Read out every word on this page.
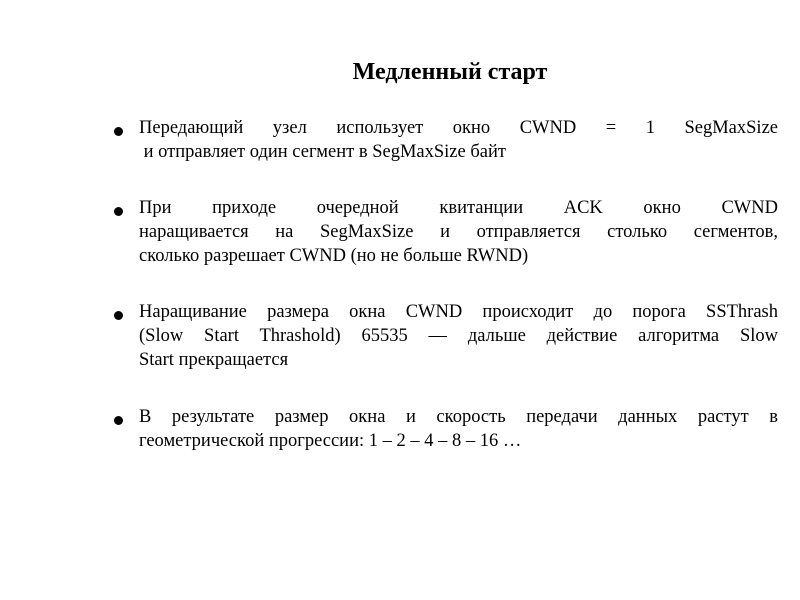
Медленный старт
Передающий узел использует окно CWND = 1 SegMaxSize
и отправляет один сегмент в SegMaxSize байт
При приходе очередной квитанции ACK окно CWND
наращивается на SegMaxSize и отправляется столько сегментов,
сколько разрешает CWND (но не больше RWND)
Наращивание размера окна CWND происходит до порога SSThrash
(Slow Start Thrashold) 65535 — дальше действие алгоритма Slow
Start прекращается
В результате размер окна и скорость передачи данных растут в
геометрической прогрессии: 1 – 2 – 4 – 8 – 16 …
